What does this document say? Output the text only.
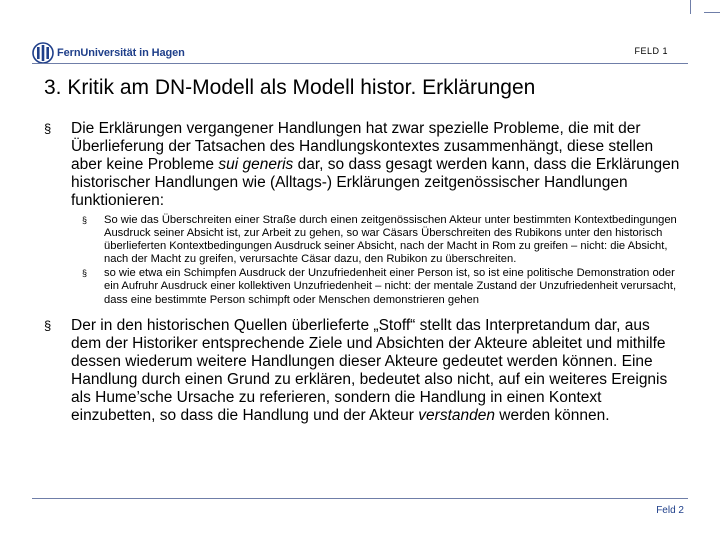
FernUniversität in Hagen	FELD 1
3. Kritik am DN-Modell als Modell histor. Erklärungen
§ Die Erklärungen vergangener Handlungen hat zwar spezielle Probleme, die mit der Überlieferung der Tatsachen des Handlungskontextes zusammenhängt, diese stellen aber keine Probleme sui generis dar, so dass gesagt werden kann, dass die Erklärungen historischer Handlungen wie (Alltags-) Erklärungen zeitgenössischer Handlungen funktionieren:
§ So wie das Überschreiten einer Straße durch einen zeitgenössischen Akteur unter bestimmten Kontextbedingungen Ausdruck seiner Absicht ist, zur Arbeit zu gehen, so war Cäsars Überschreiten des Rubikons unter den historisch überlieferten Kontextbedingungen Ausdruck seiner Absicht, nach der Macht in Rom zu greifen – nicht: die Absicht, nach der Macht zu greifen, verursachte Cäsar dazu, den Rubikon zu überschreiten.
§ so wie etwa ein Schimpfen Ausdruck der Unzufriedenheit einer Person ist, so ist eine politische Demonstration oder ein Aufruhr Ausdruck einer kollektiven Unzufriedenheit – nicht: der mentale Zustand der Unzufriedenheit verursacht, dass eine bestimmte Person schimpft oder Menschen demonstrieren gehen
§ Der in den historischen Quellen überlieferte „Stoff“ stellt das Interpretandum dar, aus dem der Historiker entsprechende Ziele und Absichten der Akteure ableitet und mithilfe dessen wiederum weitere Handlungen dieser Akteure gedeutet werden können. Eine Handlung durch einen Grund zu erklären, bedeutet also nicht, auf ein weiteres Ereignis als Hume’sche Ursache zu referieren, sondern die Handlung in einen Kontext einzubetten, so dass die Handlung und der Akteur verstanden werden können.
Feld 2
